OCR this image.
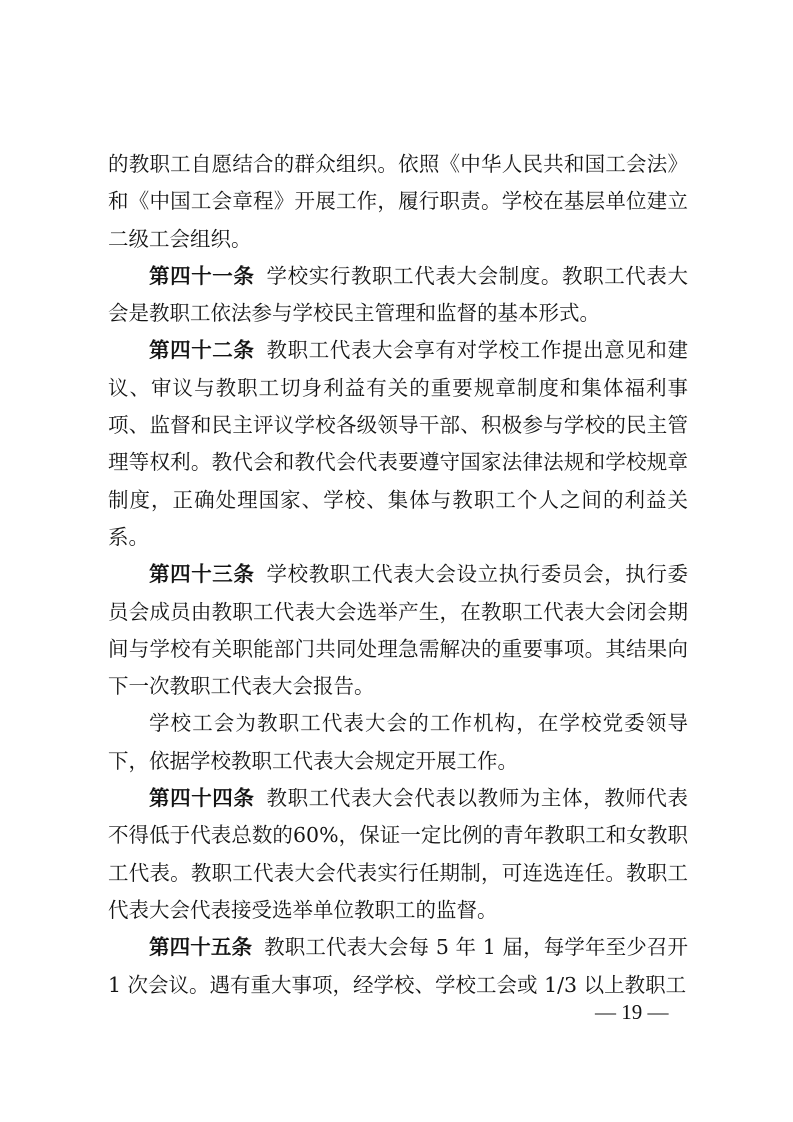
的教职工自愿结合的群众组织。依照《中华人民共和国工会法》和《中国工会章程》开展工作，履行职责。学校在基层单位建立二级工会组织。

第四十一条 学校实行教职工代表大会制度。教职工代表大会是教职工依法参与学校民主管理和监督的基本形式。

第四十二条 教职工代表大会享有对学校工作提出意见和建议、审议与教职工切身利益有关的重要规章制度和集体福利事项、监督和民主评议学校各级领导干部、积极参与学校的民主管理等权利。教代会和教代会代表要遵守国家法律法规和学校规章制度，正确处理国家、学校、集体与教职工个人之间的利益关系。

第四十三条 学校教职工代表大会设立执行委员会，执行委员会成员由教职工代表大会选举产生，在教职工代表大会闭会期间与学校有关职能部门共同处理急需解决的重要事项。其结果向下一次教职工代表大会报告。

学校工会为教职工代表大会的工作机构，在学校党委领导下，依据学校教职工代表大会规定开展工作。

第四十四条 教职工代表大会代表以教师为主体，教师代表不得低于代表总数的60%，保证一定比例的青年教职工和女教职工代表。教职工代表大会代表实行任期制，可连选连任。教职工代表大会代表接受选举单位教职工的监督。

第四十五条 教职工代表大会每 5 年 1 届，每学年至少召开 1 次会议。遇有重大事项，经学校、学校工会或 1/3 以上教职工

— 19 —
